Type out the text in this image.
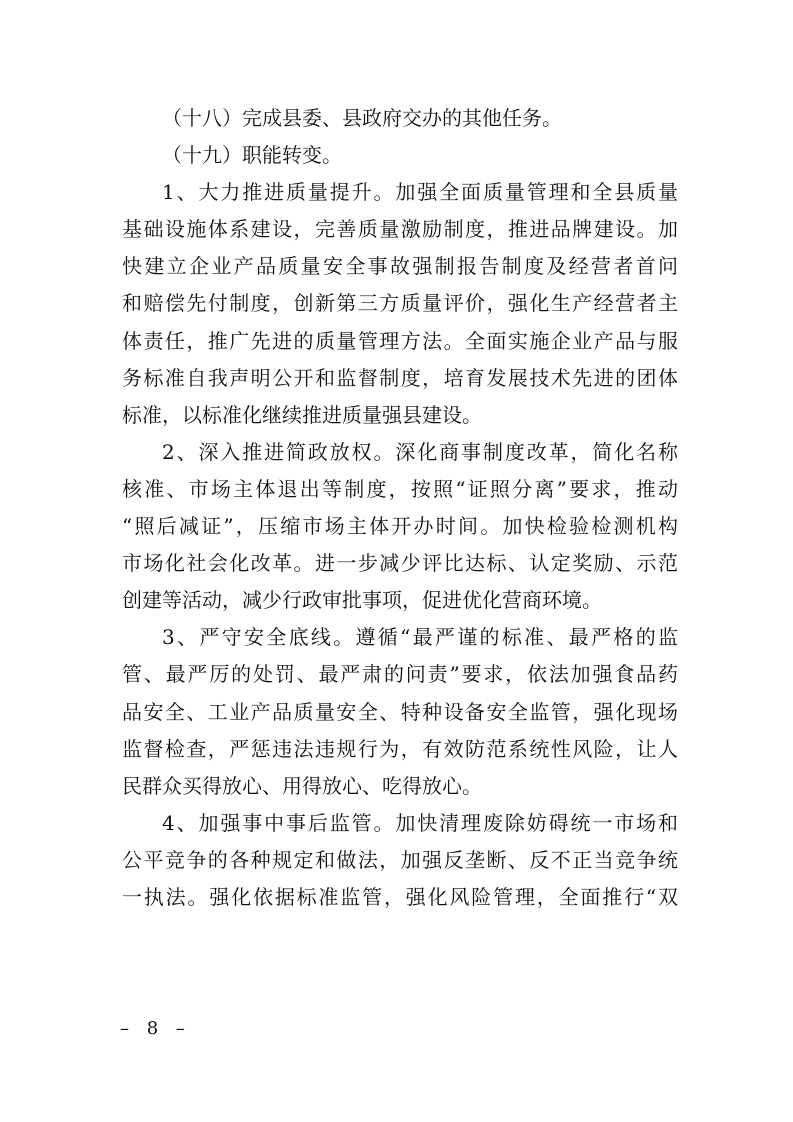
（十八）完成县委、县政府交办的其他任务。
（十九）职能转变。
1、大力推进质量提升。加强全面质量管理和全县质量
基础设施体系建设，完善质量激励制度，推进品牌建设。加
快建立企业产品质量安全事故强制报告制度及经营者首问
和赔偿先付制度，创新第三方质量评价，强化生产经营者主
体责任，推广先进的质量管理方法。全面实施企业产品与服
务标准自我声明公开和监督制度，培育发展技术先进的团体
标准，以标准化继续推进质量强县建设。
2、深入推进简政放权。深化商事制度改革，简化名称
核准、市场主体退出等制度，按照“证照分离”要求，推动
“照后减证”，压缩市场主体开办时间。加快检验检测机构
市场化社会化改革。进一步减少评比达标、认定奖励、示范
创建等活动，减少行政审批事项，促进优化营商环境。
3、严守安全底线。遵循“最严谨的标准、最严格的监
管、最严厉的处罚、最严肃的问责”要求，依法加强食品药
品安全、工业产品质量安全、特种设备安全监管，强化现场
监督检查，严惩违法违规行为，有效防范系统性风险，让人
民群众买得放心、用得放心、吃得放心。
4、加强事中事后监管。加快清理废除妨碍统一市场和
公平竞争的各种规定和做法，加强反垄断、反不正当竞争统
一执法。强化依据标准监管，强化风险管理，全面推行“双
– 8 –
